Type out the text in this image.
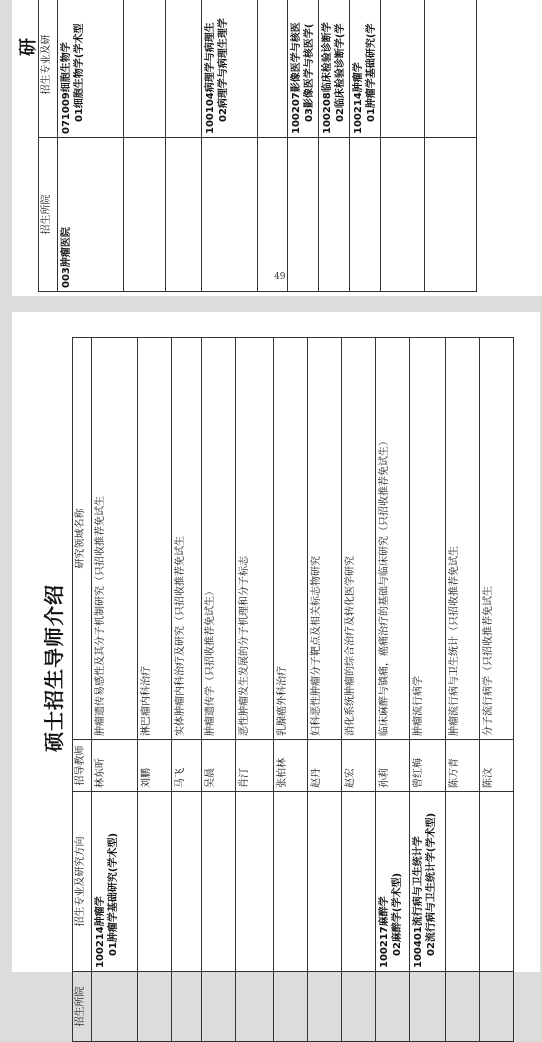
研
招生所院	招生专业及研
003肿瘤医院	071009细胞生物学 01细胞生物学(学术型

	100104病理学与病理生 02病理学与病理生理学

	100207影像医学与核医 03影像医学与核医学(

	100208临床检验诊断学 02临床检验诊断学(学

	100214肿瘤学 01肿瘤学基础研究(学

49
硕士招生导师介绍
招生所院	招生专业及研究方向	招导教师	研究领域名称
	100214肿瘤学 01肿瘤学基础研究(学术型)	林东昕	肿瘤遗传易感性及其分子机制研究（只招收推荐免试生
		刘鹏	淋巴瘤内科治疗
		马飞	实体肿瘤内科治疗及研究（只招收推荐免试生
		吴晨	肿瘤遗传学（只招收推荐免试生）
		肖汀	恶性肿瘤发生发展的分子机理和分子标志
		张柏林	乳腺癌外科治疗
		赵丹	妇科恶性肿瘤分子靶点及相关标志物研究
		赵宏	消化系统肿瘤的综合治疗及转化医学研究
	100217麻醉学 02麻醉学(学术型)	孙莉	临床麻醉与镇痛，癌痛治疗的基础与临床研究（只招收推荐免试生）
	100401流行病与卫生统计学 02流行病与卫生统计学(学术型)	曾红梅	肿瘤流行病学
		陈万青	肿瘤流行病与卫生统计（只招收推荐免试生
		陈汶	分子流行病学（只招收推荐免试生
